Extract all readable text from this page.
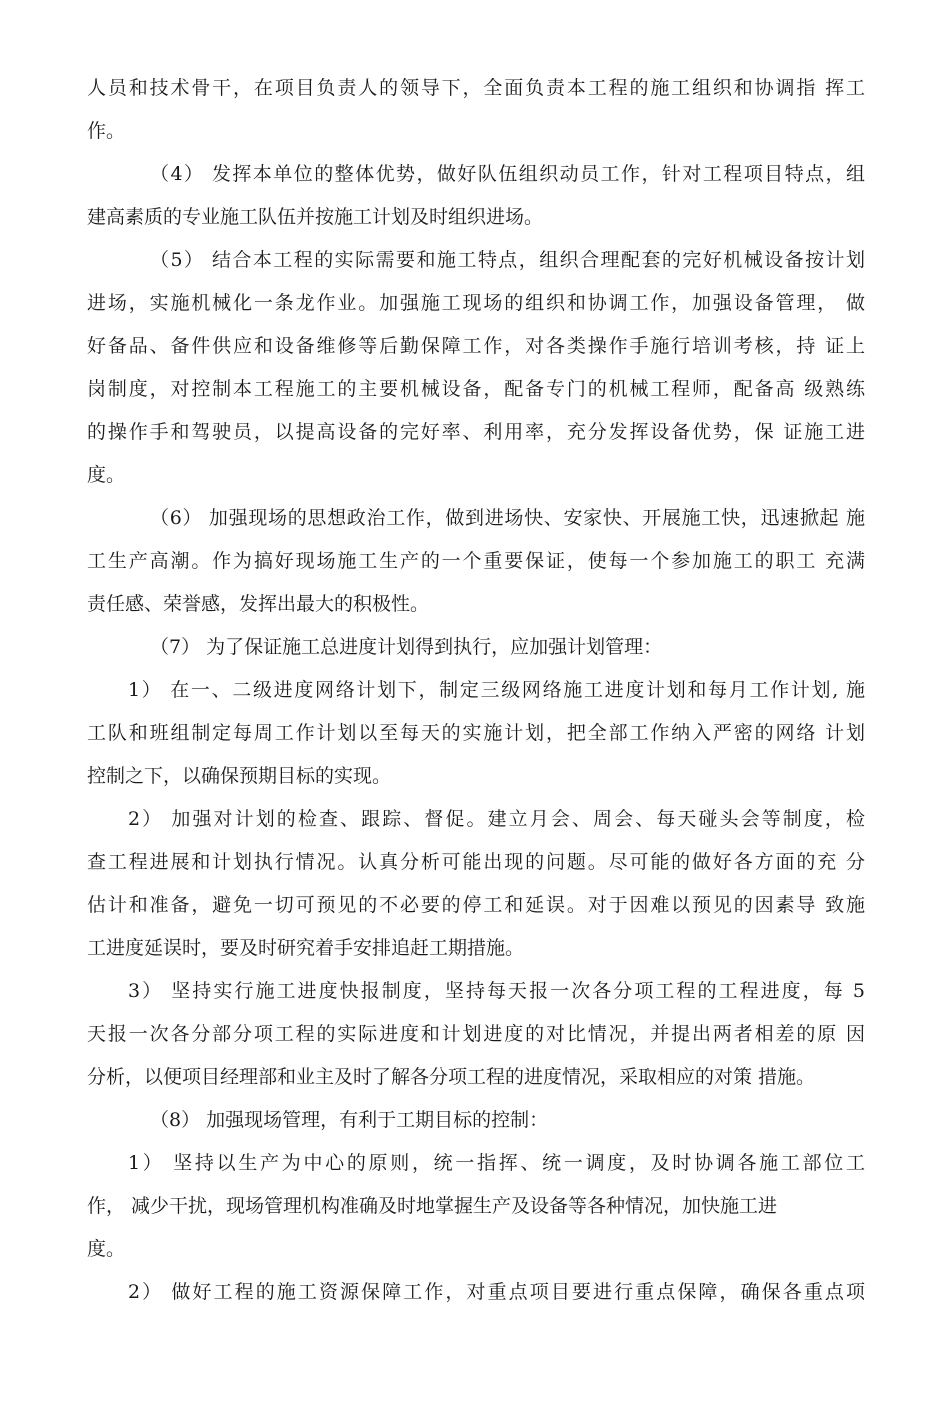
人员和技术骨干，在项目负责人的领导下，全面负责本工程的施工组织和协调指 挥工
作。
（4） 发挥本单位的整体优势，做好队伍组织动员工作，针对工程项目特点，组
建高素质的专业施工队伍并按施工计划及时组织进场。
（5） 结合本工程的实际需要和施工特点，组织合理配套的完好机械设备按计划
进场，实施机械化一条龙作业。加强施工现场的组织和协调工作，加强设备管理， 做
好备品、备件供应和设备维修等后勤保障工作，对各类操作手施行培训考核，持 证上
岗制度，对控制本工程施工的主要机械设备，配备专门的机械工程师，配备高 级熟练
的操作手和驾驶员，以提高设备的完好率、利用率，充分发挥设备优势，保 证施工进
度。
（6） 加强现场的思想政治工作，做到进场快、安家快、开展施工快，迅速掀起 施
工生产高潮。作为搞好现场施工生产的一个重要保证，使每一个参加施工的职工 充满
责任感、荣誉感，发挥出最大的积极性。
（7） 为了保证施工总进度计划得到执行，应加强计划管理：
1） 在一、二级进度网络计划下，制定三级网络施工进度计划和每月工作计划, 施
工队和班组制定每周工作计划以至每天的实施计划，把全部工作纳入严密的网络 计划
控制之下，以确保预期目标的实现。
2） 加强对计划的检查、跟踪、督促。建立月会、周会、每天碰头会等制度，检
查工程进展和计划执行情况。认真分析可能出现的问题。尽可能的做好各方面的充 分
估计和准备，避免一切可预见的不必要的停工和延误。对于因难以预见的因素导 致施
工进度延误时，要及时研究着手安排追赶工期措施。
3） 坚持实行施工进度快报制度，坚持每天报一次各分项工程的工程进度，每 5
天报一次各分部分项工程的实际进度和计划进度的对比情况，并提出两者相差的原 因
分析，以便项目经理部和业主及时了解各分项工程的进度情况，采取相应的对策 措施。
（8） 加强现场管理，有利于工期目标的控制：
1） 坚持以生产为中心的原则，统一指挥、统一调度，及时协调各施工部位工
作， 减少干扰，现场管理机构准确及时地掌握生产及设备等各种情况，加快施工进
度。
2） 做好工程的施工资源保障工作，对重点项目要进行重点保障，确保各重点项
